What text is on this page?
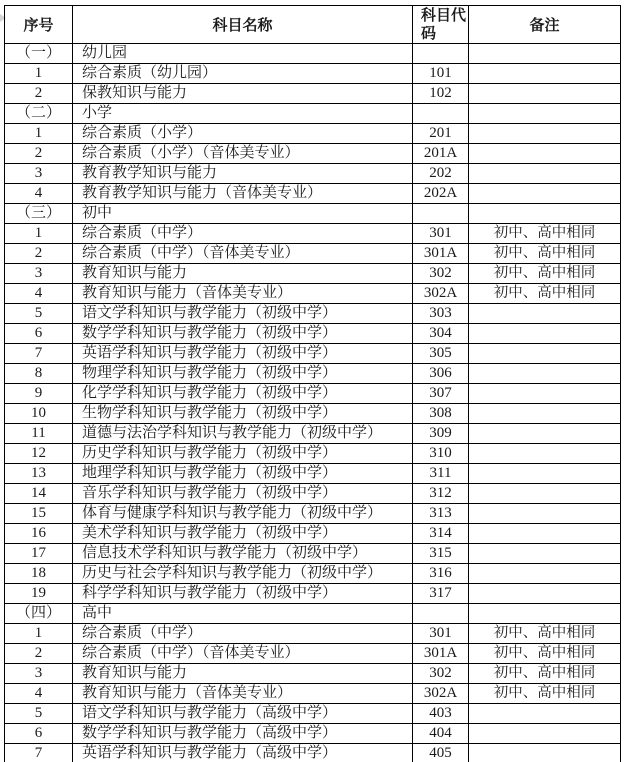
序号	科目名称	科目代码	备注
（一）	幼儿园		
1	综合素质（幼儿园）	101	
2	保教知识与能力	102	
（二）	小学		
1	综合素质（小学）	201	
2	综合素质（小学）（音体美专业）	201A	
3	教育教学知识与能力	202	
4	教育教学知识与能力（音体美专业）	202A	
（三）	初中		
1	综合素质（中学）	301	初中、高中相同
2	综合素质（中学）（音体美专业）	301A	初中、高中相同
3	教育知识与能力	302	初中、高中相同
4	教育知识与能力（音体美专业）	302A	初中、高中相同
5	语文学科知识与教学能力（初级中学）	303	
6	数学学科知识与教学能力（初级中学）	304	
7	英语学科知识与教学能力（初级中学）	305	
8	物理学科知识与教学能力（初级中学）	306	
9	化学学科知识与教学能力（初级中学）	307	
10	生物学科知识与教学能力（初级中学）	308	
11	道德与法治学科知识与教学能力（初级中学）	309	
12	历史学科知识与教学能力（初级中学）	310	
13	地理学科知识与教学能力（初级中学）	311	
14	音乐学科知识与教学能力（初级中学）	312	
15	体育与健康学科知识与教学能力（初级中学）	313	
16	美术学科知识与教学能力（初级中学）	314	
17	信息技术学科知识与教学能力（初级中学）	315	
18	历史与社会学科知识与教学能力（初级中学）	316	
19	科学学科知识与教学能力（初级中学）	317	
（四）	高中		
1	综合素质（中学）	301	初中、高中相同
2	综合素质（中学）（音体美专业）	301A	初中、高中相同
3	教育知识与能力	302	初中、高中相同
4	教育知识与能力（音体美专业）	302A	初中、高中相同
5	语文学科知识与教学能力（高级中学）	403	
6	数学学科知识与教学能力（高级中学）	404	
7	英语学科知识与教学能力（高级中学）	405	
